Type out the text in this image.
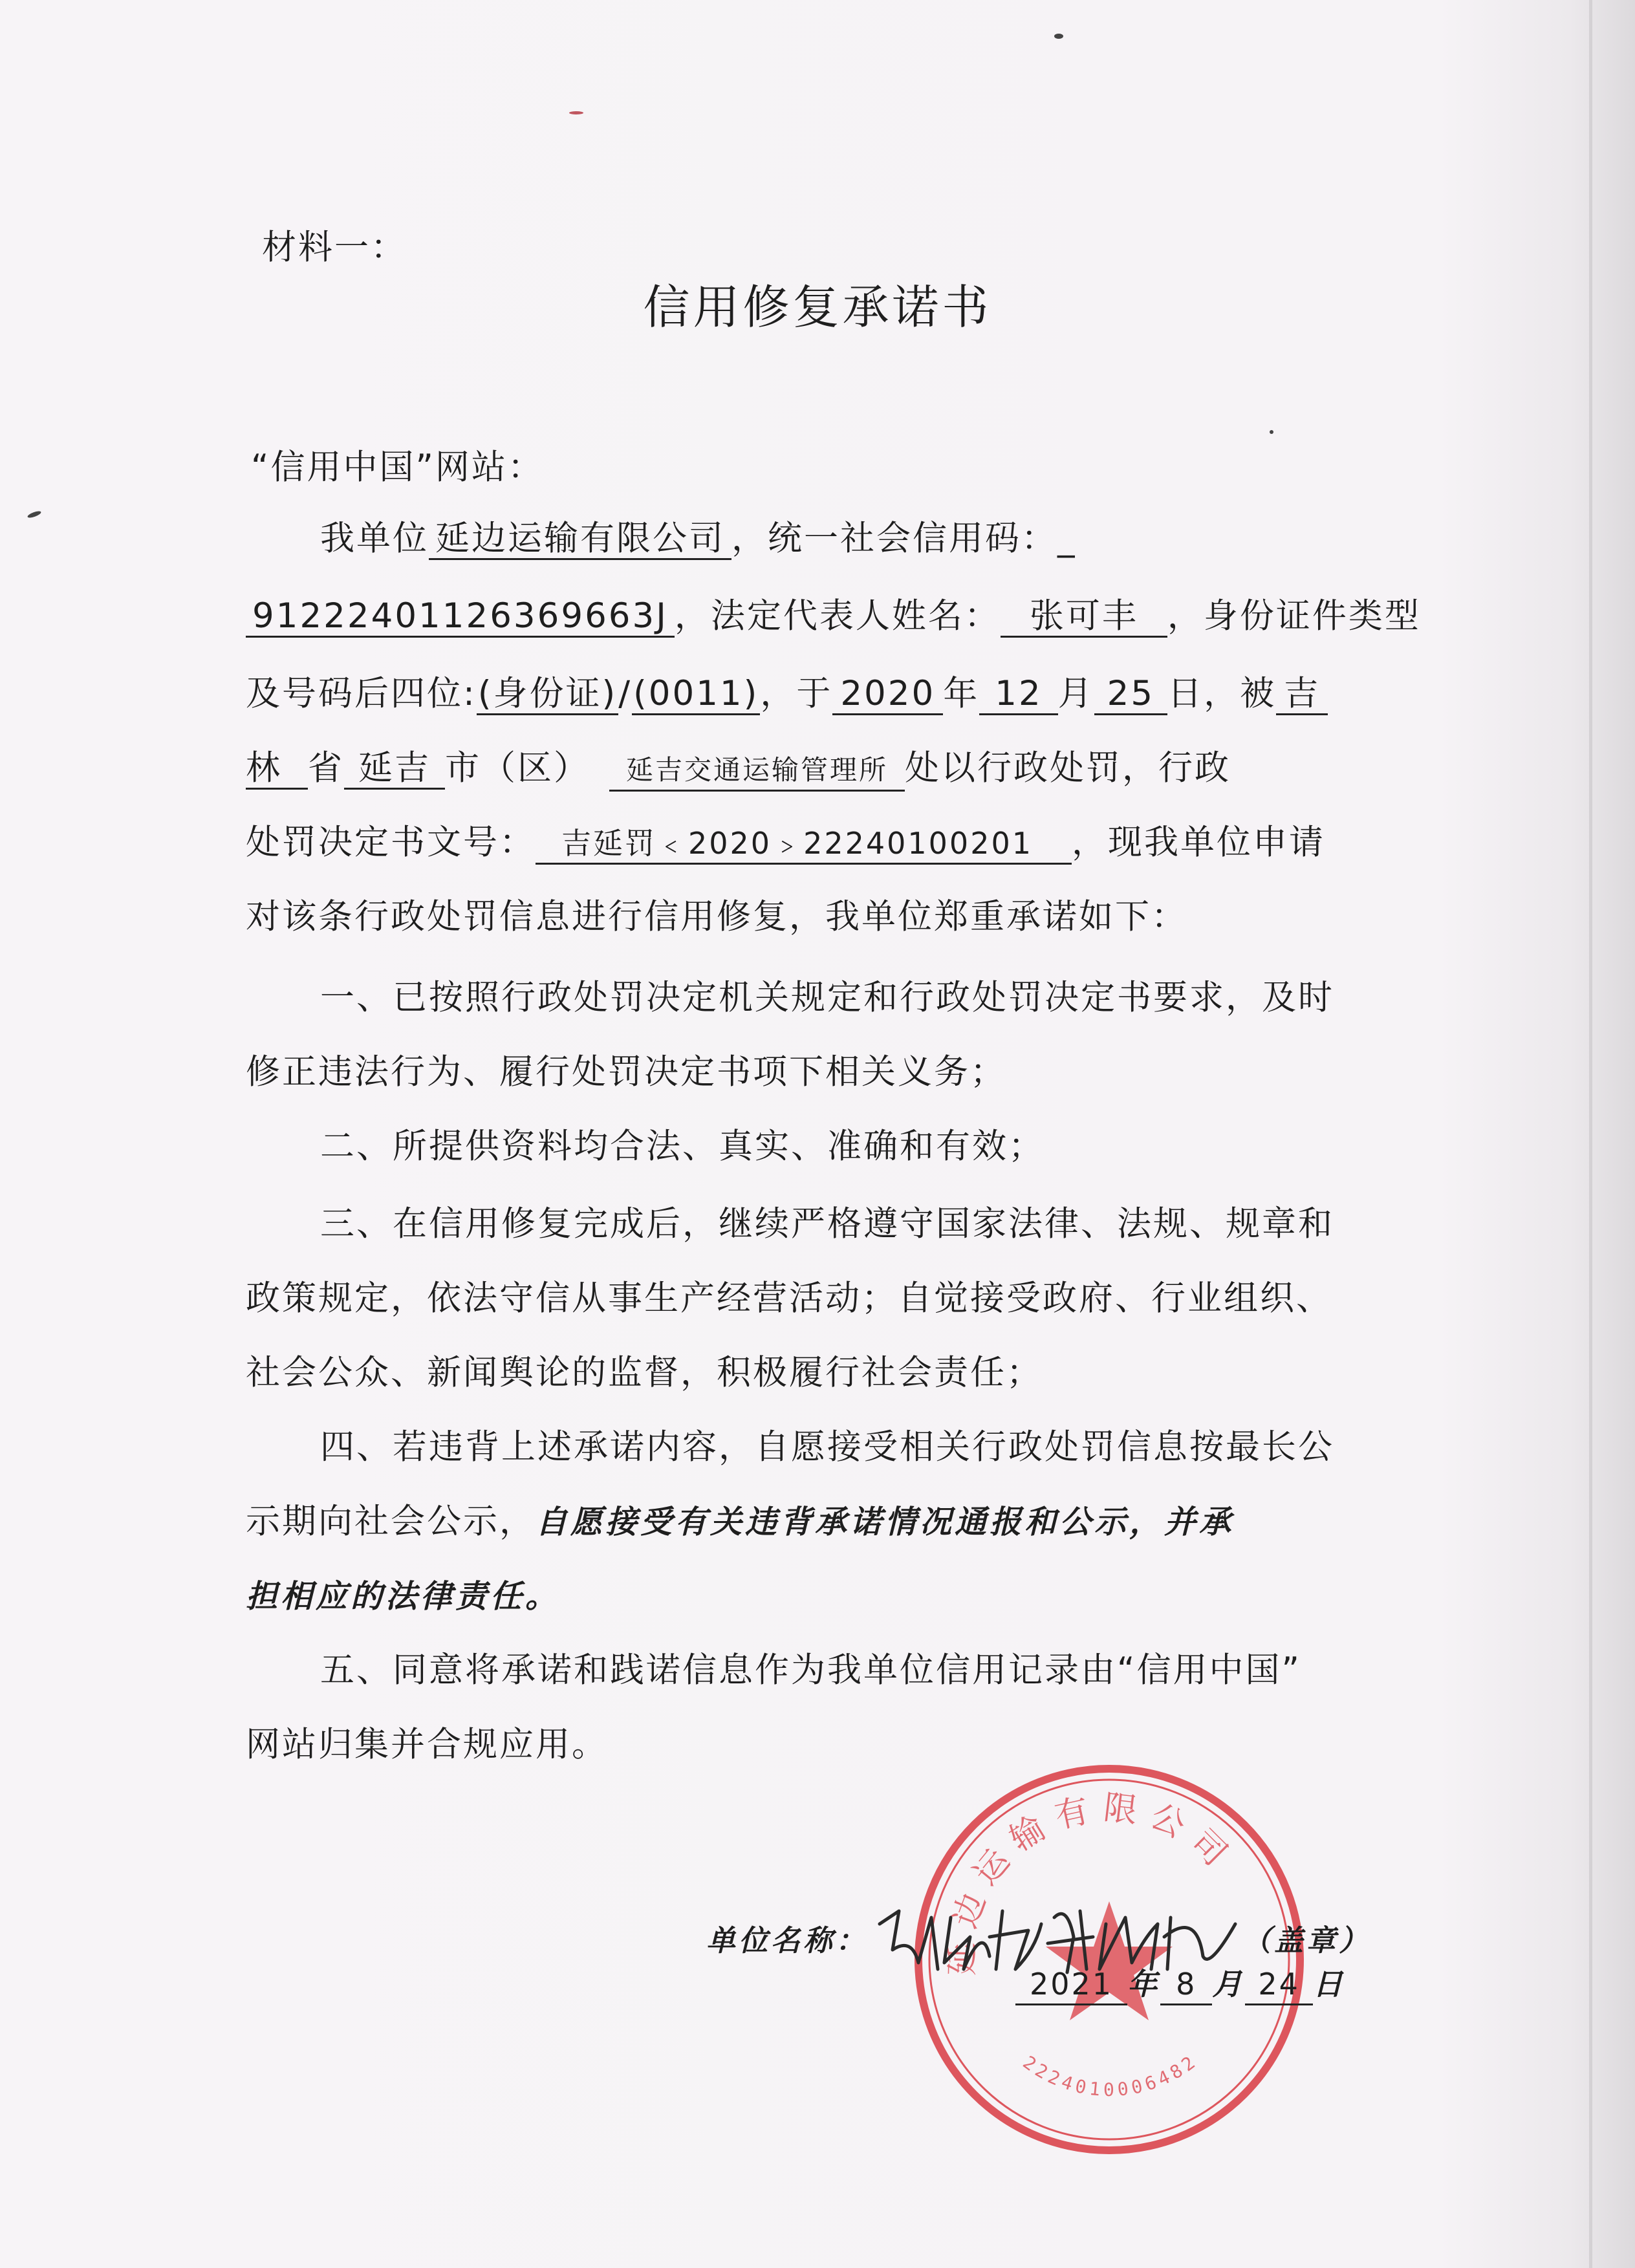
材料一：
信用修复承诺书
“信用中国”网站：
我单位 延边运输有限公司 ，统一社会信用码：_
91222401126369663J ，法定代表人姓名： 张可丰 ，身份证件类型
及号码后四位:(身份证)/(0011)，于 2020 年 12 月 25 日，被 吉
林 省 延吉 市（区） 延吉交通运输管理所 处以行政处罚，行政
处罚决定书文号： 吉延罚﹤2020﹥22240100201 ，现我单位申请
对该条行政处罚信息进行信用修复，我单位郑重承诺如下：
一、已按照行政处罚决定机关规定和行政处罚决定书要求，及时
修正违法行为、履行处罚决定书项下相关义务；
二、所提供资料均合法、真实、准确和有效；
三、在信用修复完成后，继续严格遵守国家法律、法规、规章和
政策规定，依法守信从事生产经营活动；自觉接受政府、行业组织、
社会公众、新闻舆论的监督，积极履行社会责任；
四、若违背上述承诺内容，自愿接受相关行政处罚信息按最长公
示期向社会公示，自愿接受有关违背承诺情况通报和公示，并承
担相应的法律责任。
五、同意将承诺和践诺信息作为我单位信用记录由“信用中国”
网站归集并合规应用。
延边运输有限公司
2224010006482
单位名称：	（盖章）
2021 年 8 月 24 日
